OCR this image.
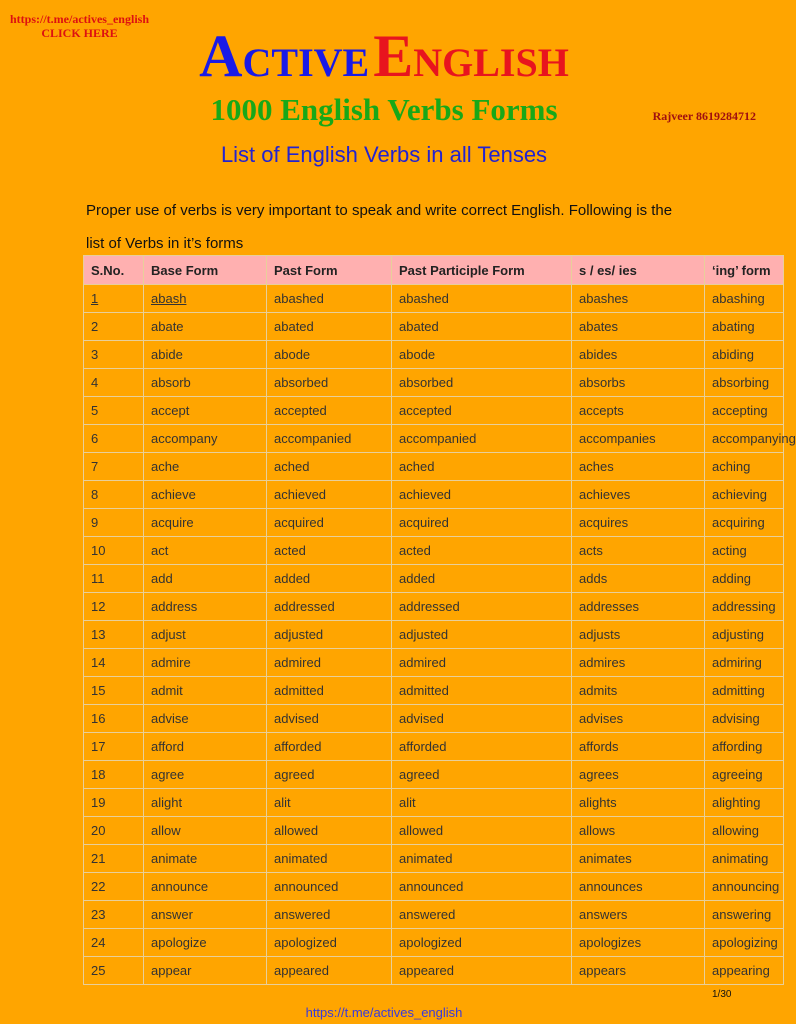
https://t.me/actives_english
CLICK HERE	ACTIVE ENGLISH
1000 English Verbs Forms	Rajveer 8619284712
List of English Verbs in all Tenses
Proper use of verbs is very important to speak and write correct English. Following is the
list of Verbs in it’s forms
S.No.	Base Form	Past Form	Past Participle Form	s / es/ ies	‘ing’ form
1	abash	abashed	abashed	abashes	abashing
2	abate	abated	abated	abates	abating
3	abide	abode	abode	abides	abiding
4	absorb	absorbed	absorbed	absorbs	absorbing
5	accept	accepted	accepted	accepts	accepting
6	accompany	accompanied	accompanied	accompanies	accompanying
7	ache	ached	ached	aches	aching
8	achieve	achieved	achieved	achieves	achieving
9	acquire	acquired	acquired	acquires	acquiring
10	act	acted	acted	acts	acting
11	add	added	added	adds	adding
12	address	addressed	addressed	addresses	addressing
13	adjust	adjusted	adjusted	adjusts	adjusting
14	admire	admired	admired	admires	admiring
15	admit	admitted	admitted	admits	admitting
16	advise	advised	advised	advises	advising
17	afford	afforded	afforded	affords	affording
18	agree	agreed	agreed	agrees	agreeing
19	alight	alit	alit	alights	alighting
20	allow	allowed	allowed	allows	allowing
21	animate	animated	animated	animates	animating
22	announce	announced	announced	announces	announcing
23	answer	answered	answered	answers	answering
24	apologize	apologized	apologized	apologizes	apologizing
25	appear	appeared	appeared	appears	appearing
1/30
https://t.me/actives_english
